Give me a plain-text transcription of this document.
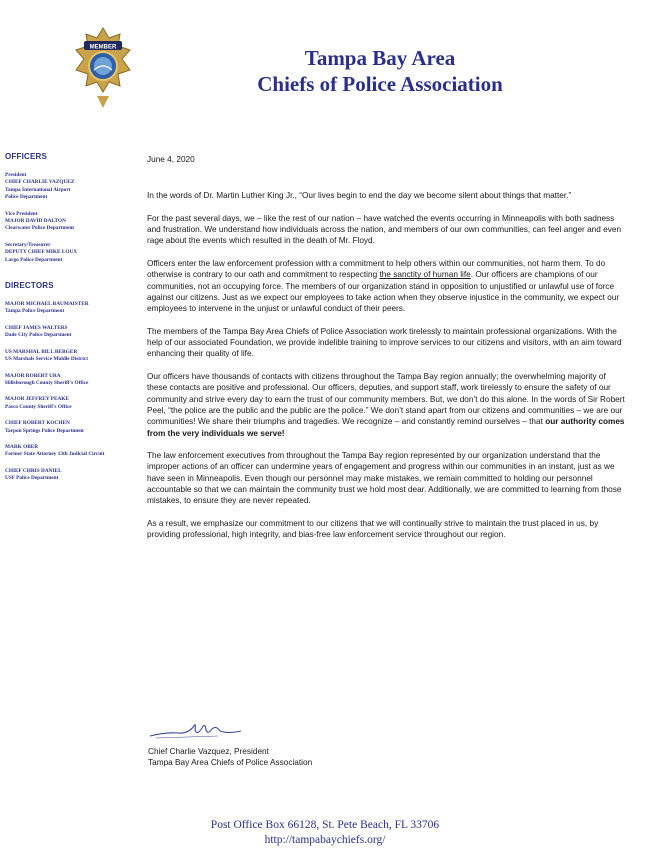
MEMBER	Tampa Bay Area
Chiefs of Police Association
OFFICERS
President
CHIEF CHARLIE VAZQUEZ
Tampa International Airport
Police Department
Vice President
MAJOR DAVID DALTON
Clearwater Police Department
Secretary/Treasurer
DEPUTY CHIEF MIKE LOUX
Largo Police Department
DIRECTORS
MAJOR MICHAEL BAUMAISTER
Tampa Police Department
CHIEF JAMES WALTERS
Dade City Police Department
US MARSHAL BILL BERGER
US Marshals Service Middle District
MAJOR ROBERT URA
Hillsborough County Sheriff's Office
MAJOR JEFFREY PEAKE
Pasco County Sheriff's Office
CHIEF ROBERT KOCHEN
Tarpon Springs Police Department
MARK OBER
Former State Attorney 13th Judicial Circuit
CHIEF CHRIS DANIEL
USF Police Department
June 4, 2020

In the words of Dr. Martin Luther King Jr., “Our lives begin to end the day we become silent about things that matter.”

For the past several days, we – like the rest of our nation – have watched the events occurring in Minneapolis with both sadness and frustration. We understand how individuals across the nation, and members of our own communities, can feel anger and even rage about the events which resulted in the death of Mr. Floyd.

Officers enter the law enforcement profession with a commitment to help others within our communities, not harm them. To do otherwise is contrary to our oath and commitment to respecting the sanctity of human life. Our officers are champions of our communities, not an occupying force. The members of our organization stand in opposition to unjustified or unlawful use of force against our citizens. Just as we expect our employees to take action when they observe injustice in the community, we expect our employees to intervene in the unjust or unlawful conduct of their peers.

The members of the Tampa Bay Area Chiefs of Police Association work tirelessly to maintain professional organizations. With the help of our associated Foundation, we provide indelible training to improve services to our citizens and visitors, with an aim toward enhancing their quality of life.

Our officers have thousands of contacts with citizens throughout the Tampa Bay region annually; the overwhelming majority of these contacts are positive and professional. Our officers, deputies, and support staff, work tirelessly to ensure the safety of our community and strive every day to earn the trust of our community members. But, we don’t do this alone. In the words of Sir Robert Peel, “the police are the public and the public are the police.” We don’t stand apart from our citizens and communities – we are our communities! We share their triumphs and tragedies. We recognize – and constantly remind ourselves – that our authority comes from the very individuals we serve!

The law enforcement executives from throughout the Tampa Bay region represented by our organization understand that the improper actions of an officer can undermine years of engagement and progress within our communities in an instant, just as we have seen in Minneapolis. Even though our personnel may make mistakes, we remain committed to holding our personnel accountable so that we can maintain the community trust we hold most dear. Additionally, we are committed to learning from those mistakes, to ensure they are never repeated.

As a result, we emphasize our commitment to our citizens that we will continually strive to maintain the trust placed in us, by providing professional, high integrity, and bias-free law enforcement service throughout our region.

Chief Charlie Vazquez, President
Tampa Bay Area Chiefs of Police Association
Post Office Box 66128, St. Pete Beach, FL 33706
http://tampabaychiefs.org/
